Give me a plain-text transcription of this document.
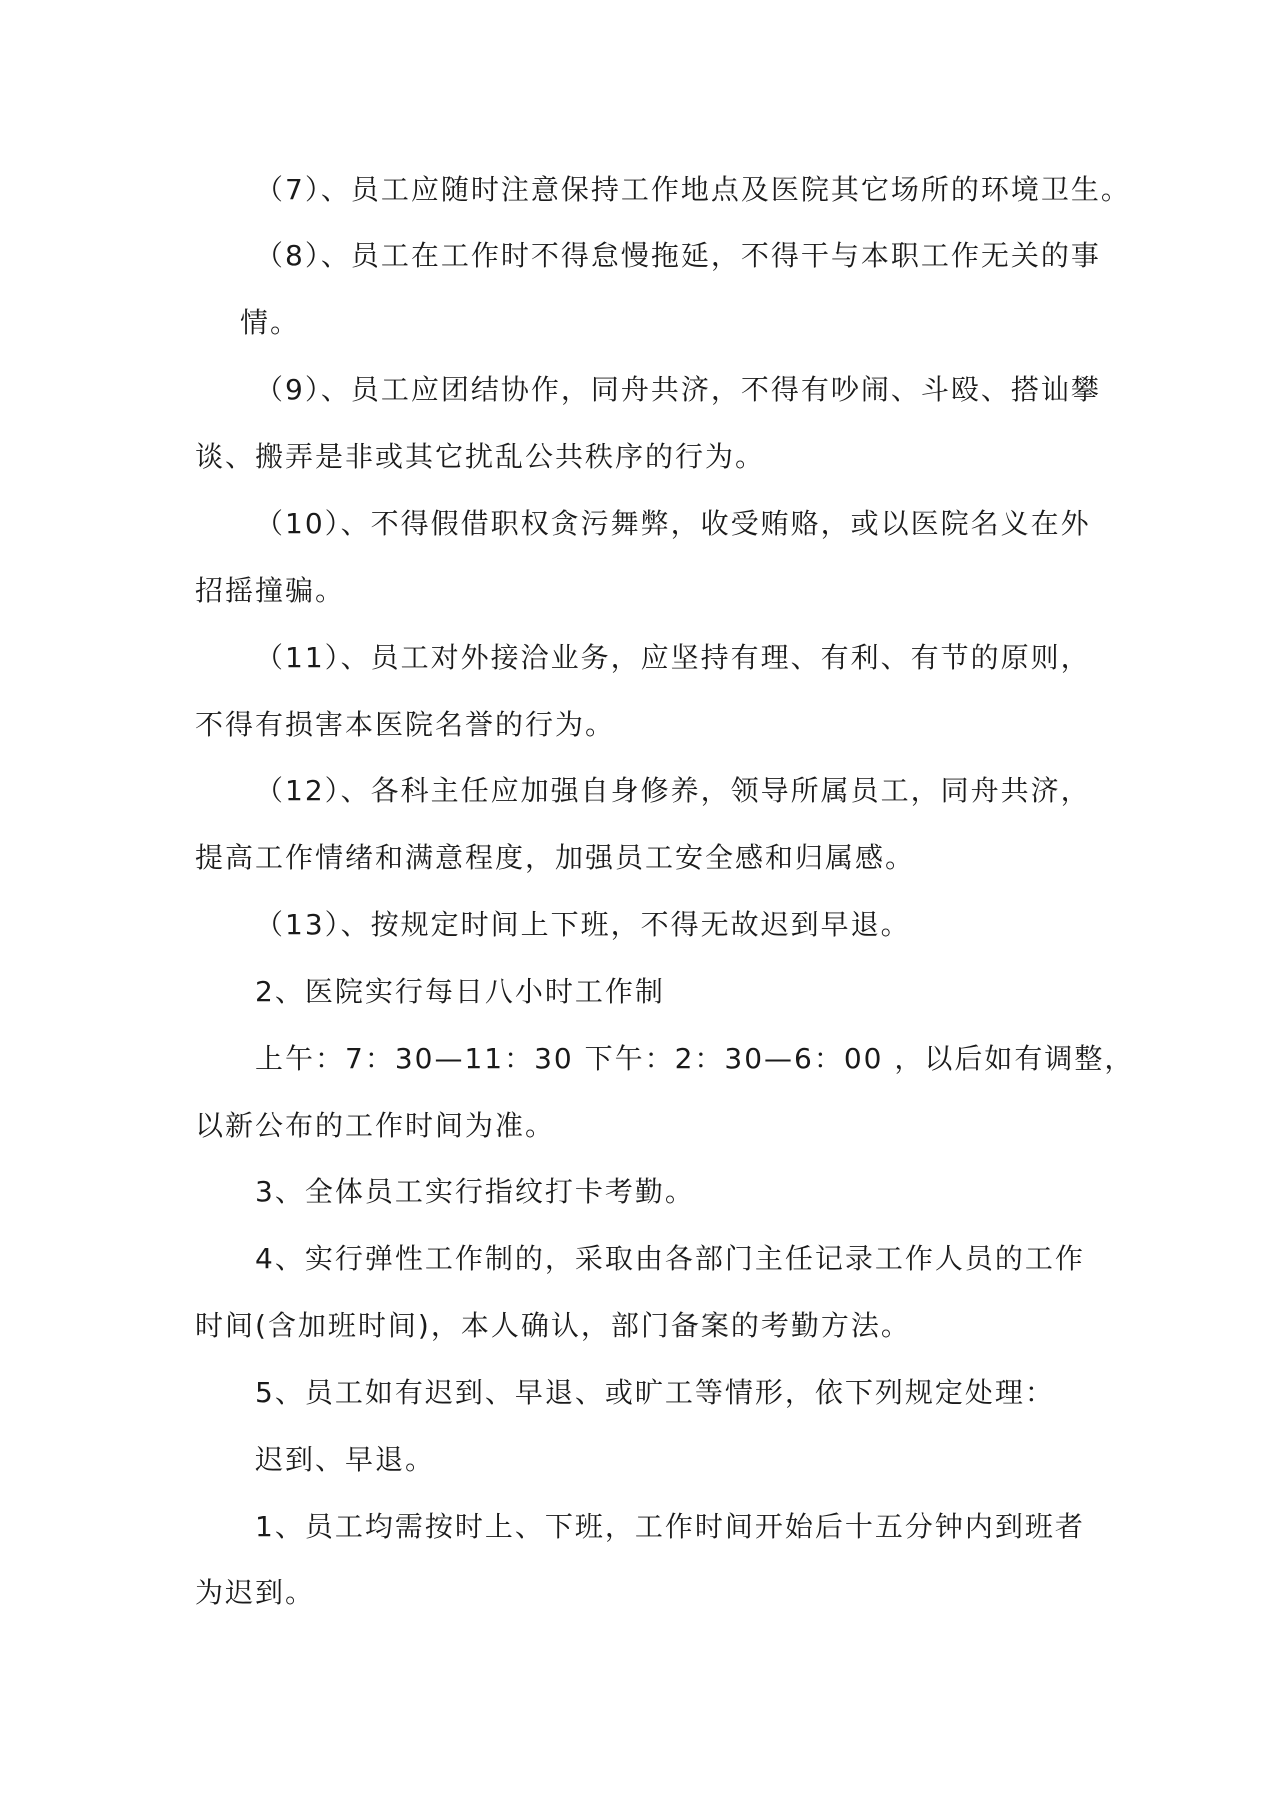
（7）、员工应随时注意保持工作地点及医院其它场所的环境卫生。
（8）、员工在工作时不得怠慢拖延，不得干与本职工作无关的事
情。
（9）、员工应团结协作，同舟共济，不得有吵闹、斗殴、搭讪攀
谈、搬弄是非或其它扰乱公共秩序的行为。
（10）、不得假借职权贪污舞弊，收受贿赂，或以医院名义在外
招摇撞骗。
（11）、员工对外接洽业务，应坚持有理、有利、有节的原则，
不得有损害本医院名誉的行为。
（12）、各科主任应加强自身修养，领导所属员工，同舟共济，
提高工作情绪和满意程度，加强员工安全感和归属感。
（13）、按规定时间上下班，不得无故迟到早退。
2、医院实行每日八小时工作制
上午：7：30—11：30 下午：2：30—6：00 ，以后如有调整，
以新公布的工作时间为准。
3、全体员工实行指纹打卡考勤。
4、实行弹性工作制的，采取由各部门主任记录工作人员的工作
时间(含加班时间)，本人确认，部门备案的考勤方法。
5、员工如有迟到、早退、或旷工等情形，依下列规定处理：
迟到、早退。
1、员工均需按时上、下班，工作时间开始后十五分钟内到班者
为迟到。
